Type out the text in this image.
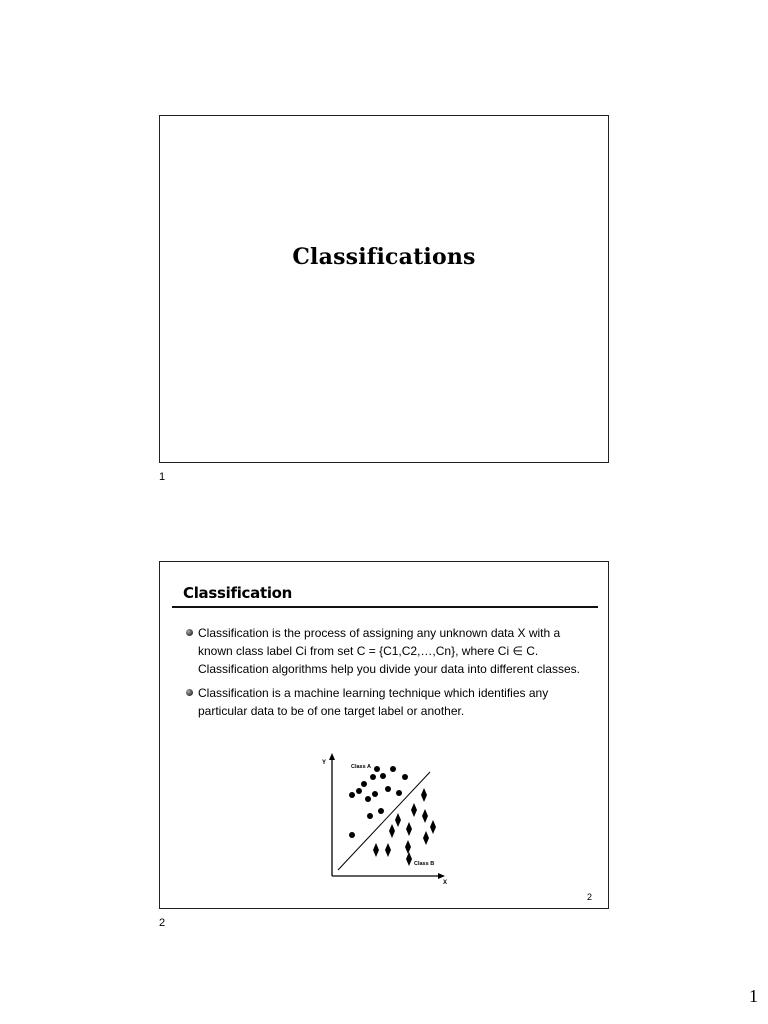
Classifications
1
Classification
Classification is the process of assigning any unknown data X with a known class label Ci from set C = {C1,C2,…,Cn}, where Ci ∈ C. Classification algorithms help you divide your data into different classes.
Classification is a machine learning technique which identifies any particular data to be of one target label or another.
Y
X
Class A
Class B
2
2
1
